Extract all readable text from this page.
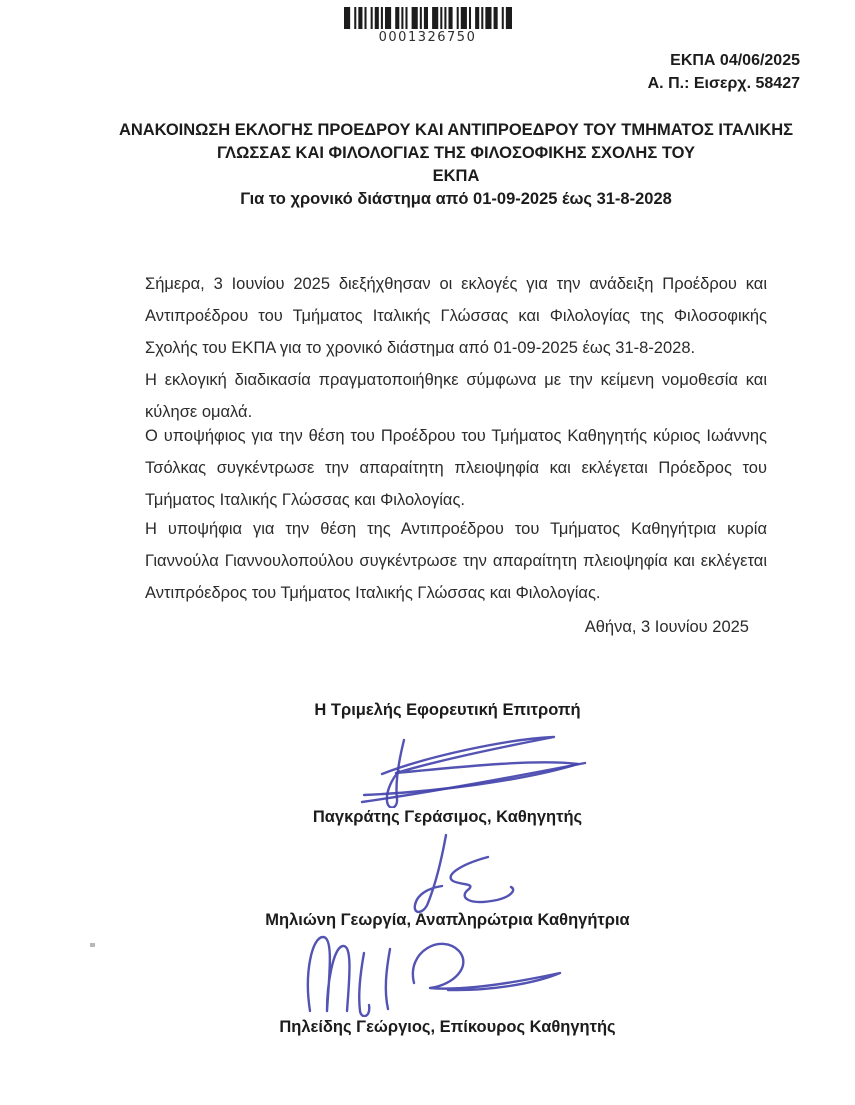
0001326750
ΕΚΠΑ 04/06/2025
Α. Π.: Εισερχ. 58427
ΑΝΑΚΟΙΝΩΣΗ ΕΚΛΟΓΗΣ ΠΡΟΕΔΡΟΥ ΚΑΙ ΑΝΤΙΠΡΟΕΔΡΟΥ ΤΟΥ ΤΜΗΜΑΤΟΣ ΙΤΑΛΙΚΗΣ
ΓΛΩΣΣΑΣ ΚΑΙ ΦΙΛΟΛΟΓΙΑΣ ΤΗΣ ΦΙΛΟΣΟΦΙΚΗΣ ΣΧΟΛΗΣ ΤΟΥ
ΕΚΠΑ
Για το χρονικό διάστημα από 01-09-2025 έως 31-8-2028
Σήμερα, 3 Ιουνίου 2025 διεξήχθησαν οι εκλογές για την ανάδειξη Προέδρου και Αντιπροέδρου του Τμήματος Ιταλικής Γλώσσας και Φιλολογίας της Φιλοσοφικής Σχολής του ΕΚΠΑ για το χρονικό διάστημα από 01-09-2025 έως 31-8-2028.
Η εκλογική διαδικασία πραγματοποιήθηκε σύμφωνα με την κείμενη νομοθεσία και κύλησε ομαλά.
Ο υποψήφιος για την θέση του Προέδρου του Τμήματος Καθηγητής κύριος Ιωάννης Τσόλκας συγκέντρωσε την απαραίτητη πλειοψηφία και εκλέγεται Πρόεδρος του Τμήματος Ιταλικής Γλώσσας και Φιλολογίας.
Η υποψήφια για την θέση της Αντιπροέδρου του Τμήματος Καθηγήτρια κυρία Γιαννούλα Γιαννουλοπούλου συγκέντρωσε την απαραίτητη πλειοψηφία και εκλέγεται Αντιπρόεδρος του Τμήματος Ιταλικής Γλώσσας και Φιλολογίας.
Αθήνα, 3 Ιουνίου 2025
Η Τριμελής Εφορευτική Επιτροπή
Παγκράτης Γεράσιμος, Καθηγητής
Μηλιώνη Γεωργία, Αναπληρώτρια Καθηγήτρια
Πηλείδης Γεώργιος, Επίκουρος Καθηγητής
